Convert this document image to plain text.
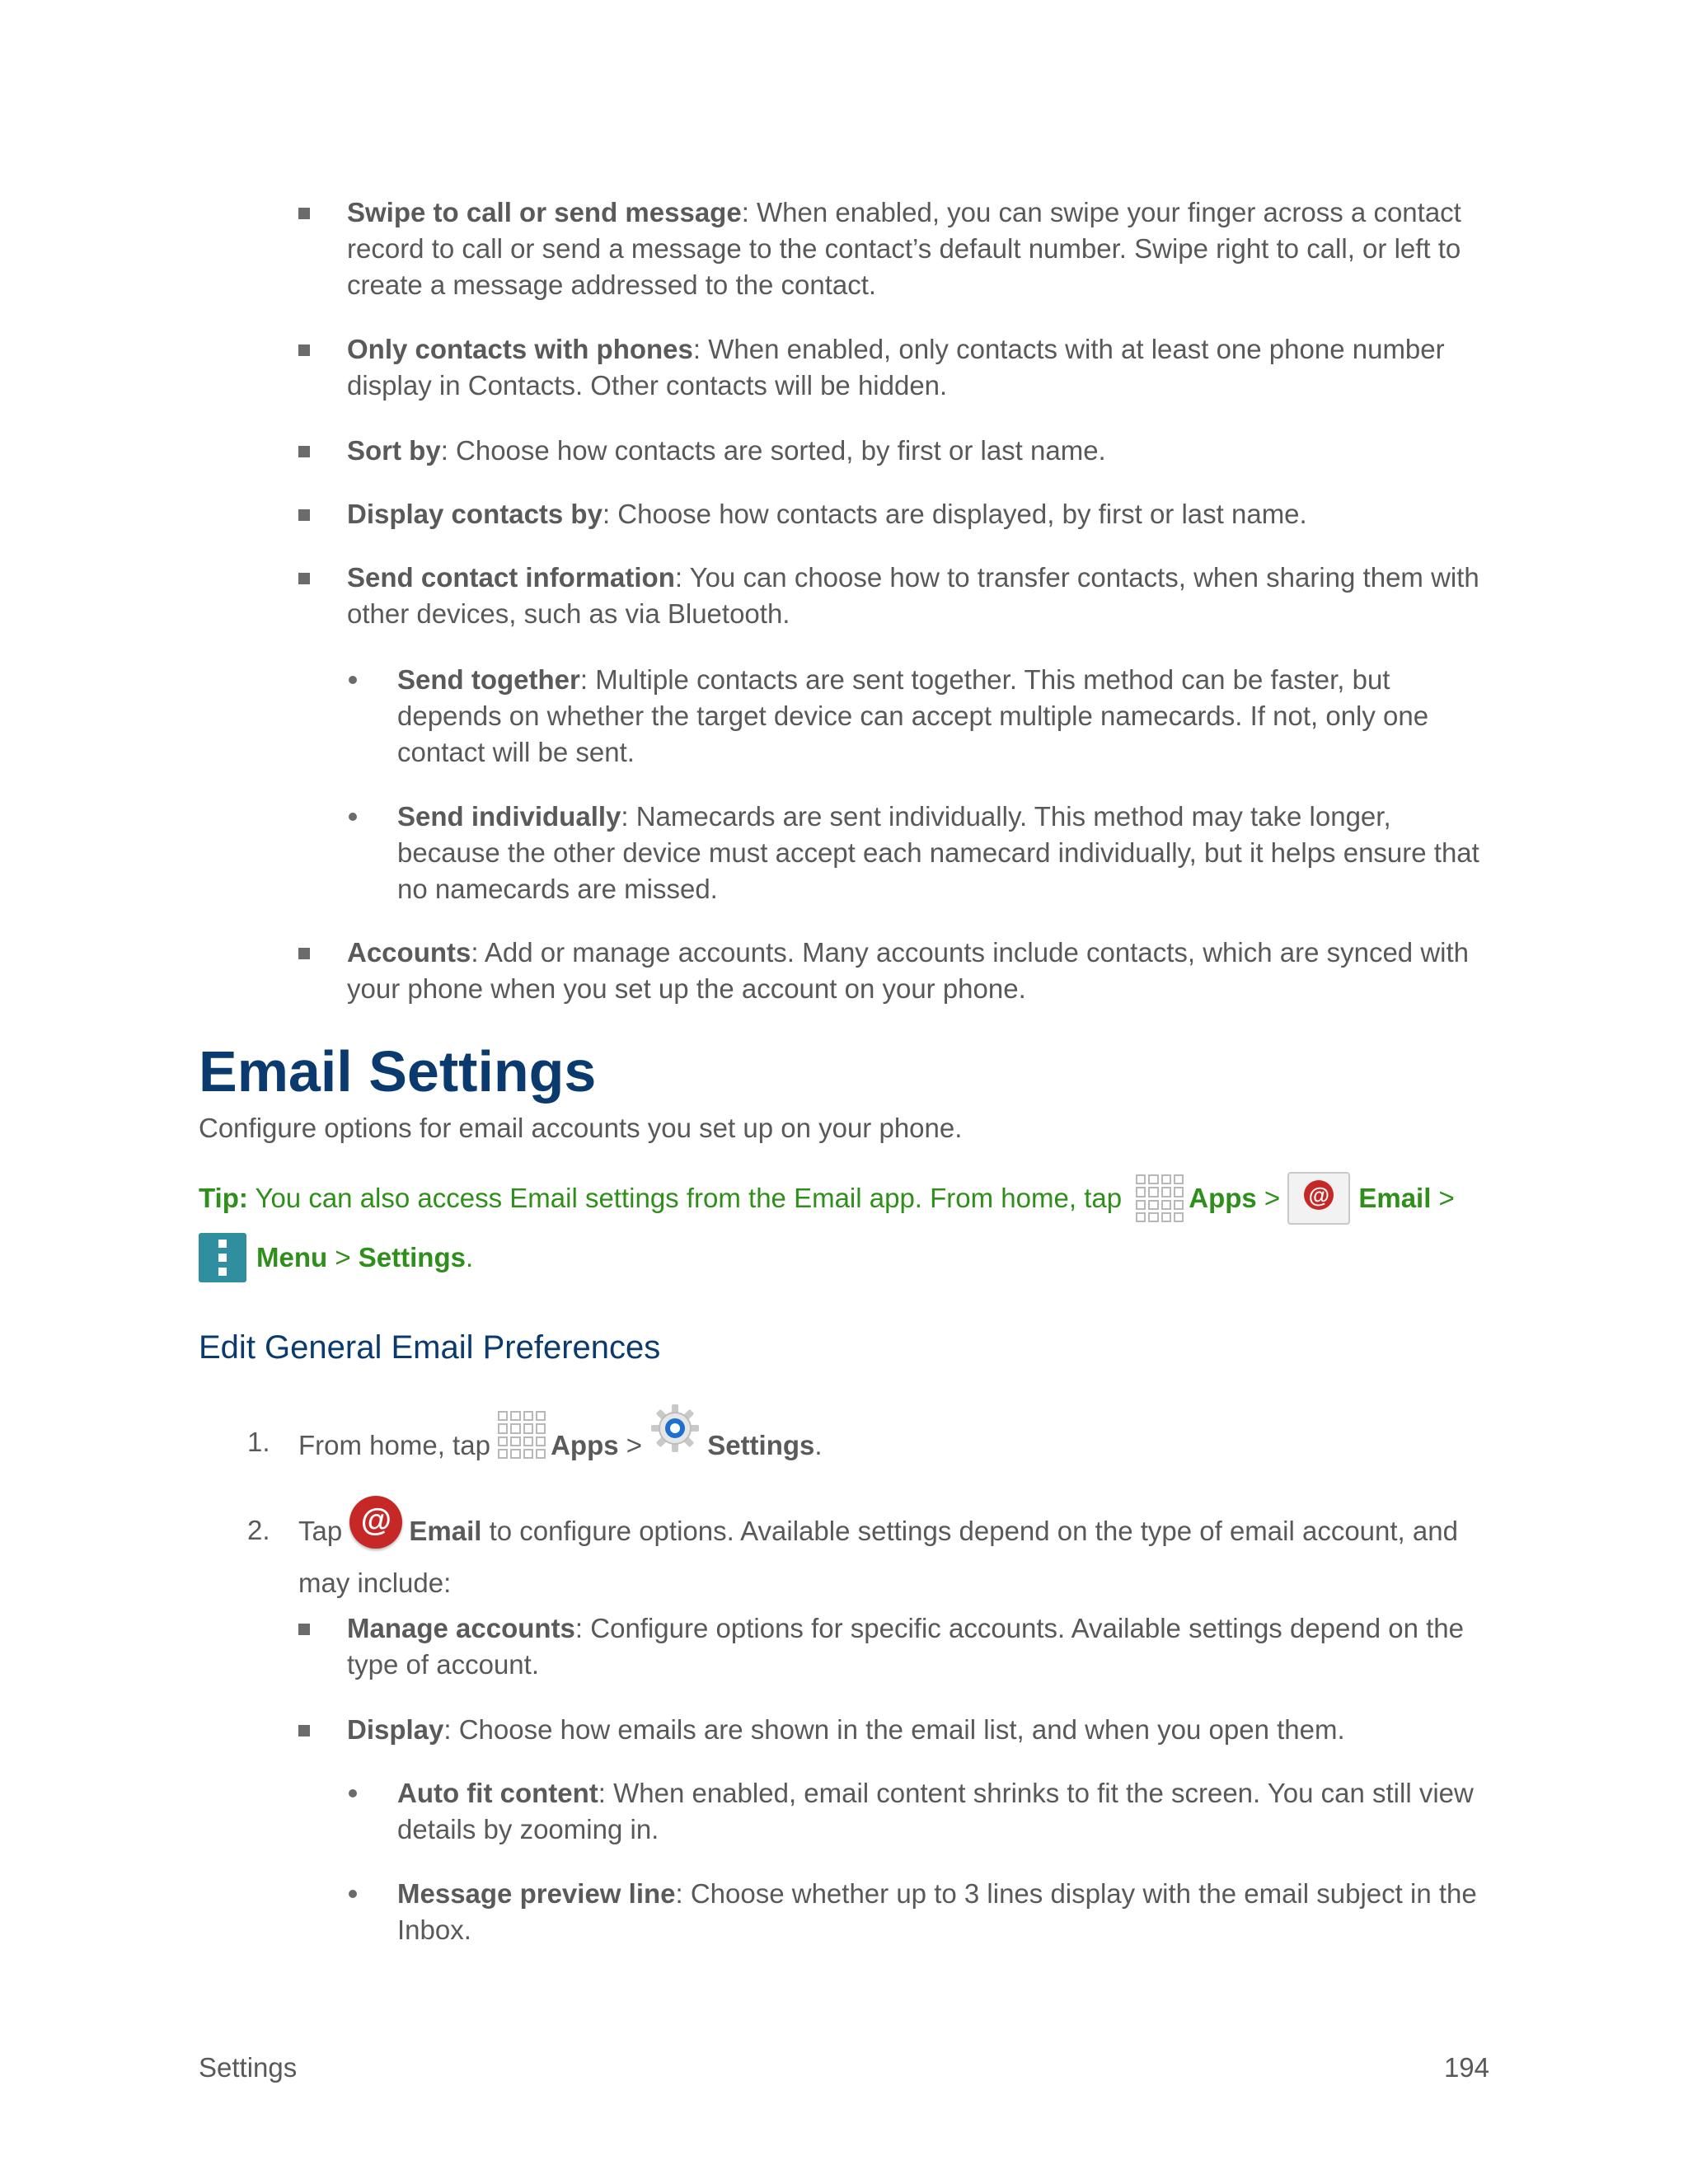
Swipe to call or send message: When enabled, you can swipe your finger across a contact record to call or send a message to the contact’s default number. Swipe right to call, or left to create a message addressed to the contact.
Only contacts with phones: When enabled, only contacts with at least one phone number display in Contacts. Other contacts will be hidden.
Sort by: Choose how contacts are sorted, by first or last name.
Display contacts by: Choose how contacts are displayed, by first or last name.
Send contact information: You can choose how to transfer contacts, when sharing them with other devices, such as via Bluetooth.
Send together: Multiple contacts are sent together. This method can be faster, but depends on whether the target device can accept multiple namecards. If not, only one contact will be sent.
Send individually: Namecards are sent individually. This method may take longer, because the other device must accept each namecard individually, but it helps ensure that no namecards are missed.
Accounts: Add or manage accounts. Many accounts include contacts, which are synced with your phone when you set up the account on your phone.
Email Settings
Configure options for email accounts you set up on your phone.
Tip: You can also access Email settings from the Email app. From home, tap Apps >
@	Email >
Menu > Settings .
Edit General Email Preferences
1. From home, tap Apps > Settings .
2. Tap @ Email to configure options. Available settings depend on the type of email account, and may include:
Manage accounts: Configure options for specific accounts. Available settings depend on the type of account.
Display: Choose how emails are shown in the email list, and when you open them.
Auto fit content: When enabled, email content shrinks to fit the screen. You can still view details by zooming in.
Message preview line: Choose whether up to 3 lines display with the email subject in the Inbox.
Settings	194
